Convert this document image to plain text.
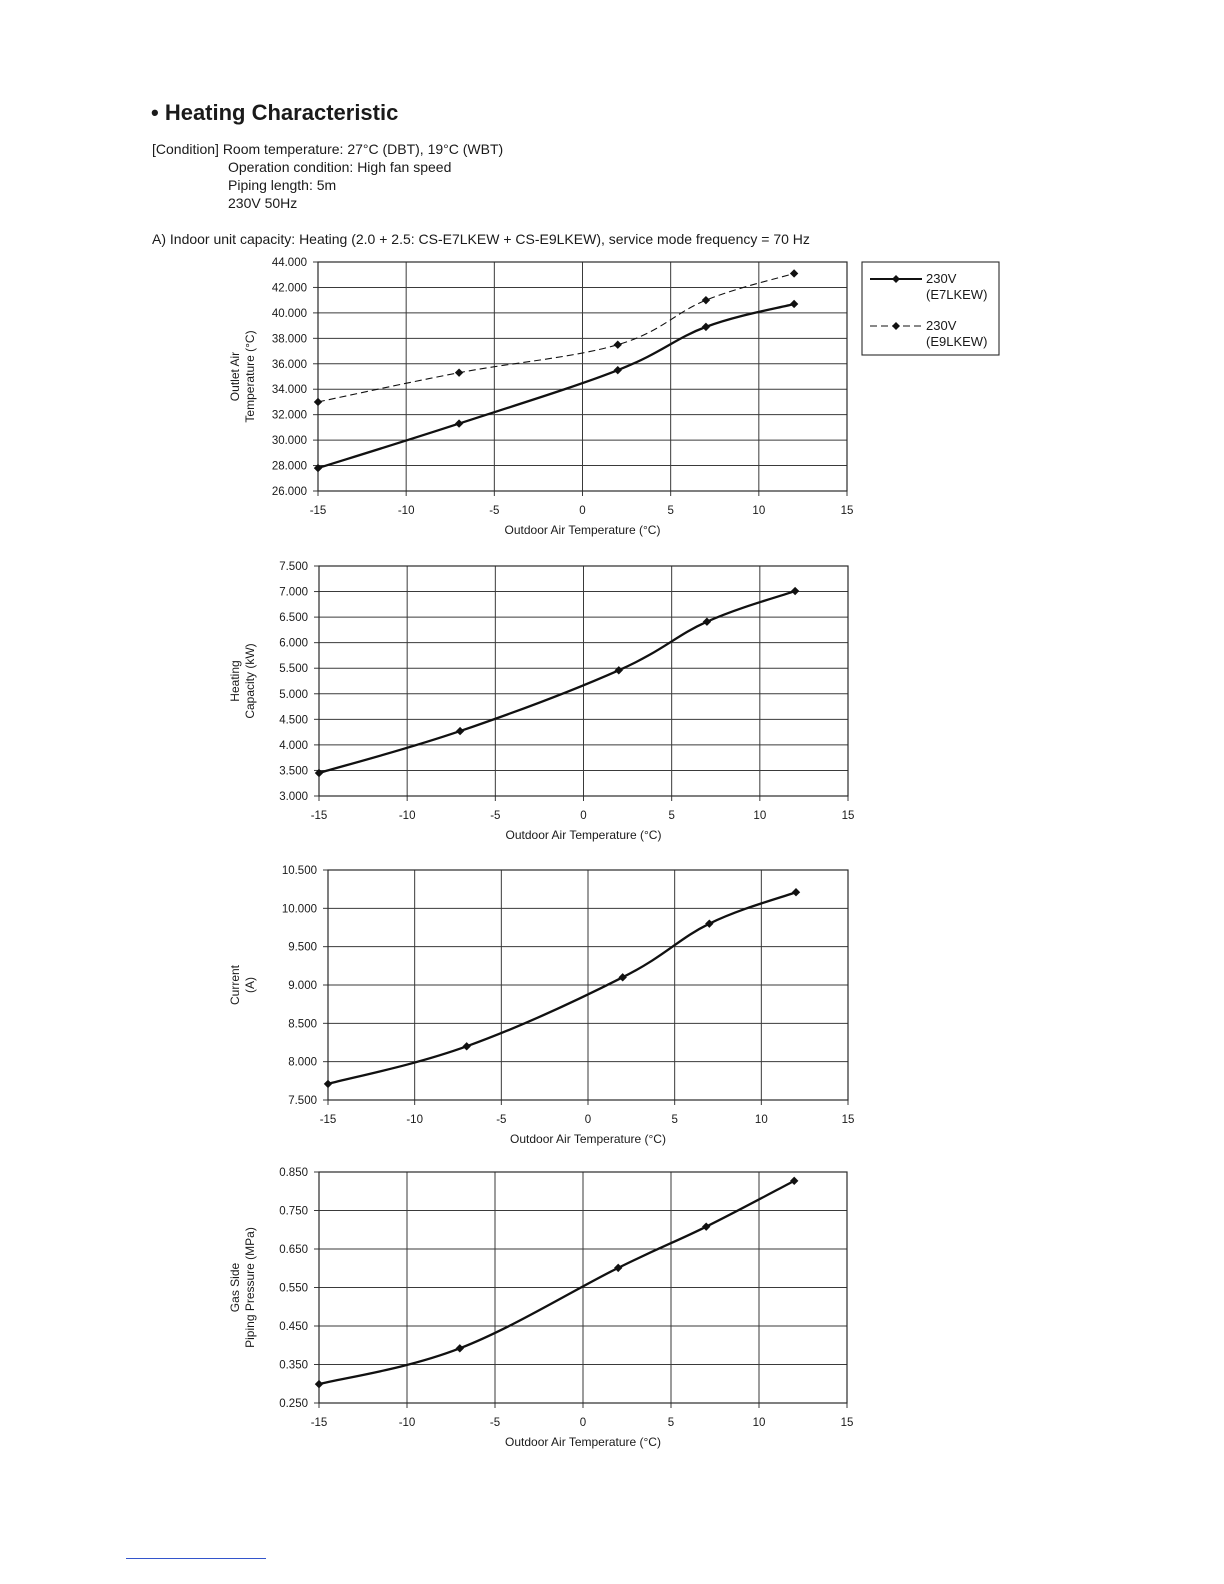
• Heating Characteristic
[Condition] Room temperature: 27°C (DBT), 19°C (WBT)
Operation condition: High fan speed
Piping length: 5m
230V 50Hz
A) Indoor unit capacity: Heating (2.0 + 2.5: CS-E7LKEW + CS-E9LKEW), service mode frequency = 70 Hz
26.000
28.000
30.000
32.000
34.000
36.000
38.000
40.000
42.000
44.000
-15	-10	-5	0	5	10	15
Outdoor Air Temperature (°C)
Outlet Air Temperature (°C)
230V
(E7LKEW)
230V
(E9LKEW)
3.000
3.500
4.000
4.500
5.000
5.500
6.000
6.500
7.000
7.500
-15	-10	-5	0	5	10	15
Outdoor Air Temperature (°C)
Heating Capacity (kW)
7.500
8.000
8.500
9.000
9.500
10.000
10.500
-15	-10	-5	0	5	10	15
Outdoor Air Temperature (°C)
Current (A)
0.250
0.350
0.450
0.550
0.650
0.750
0.850
-15	-10	-5	0	5	10	15
Outdoor Air Temperature (°C)
Gas Side Piping Pressure (MPa)
